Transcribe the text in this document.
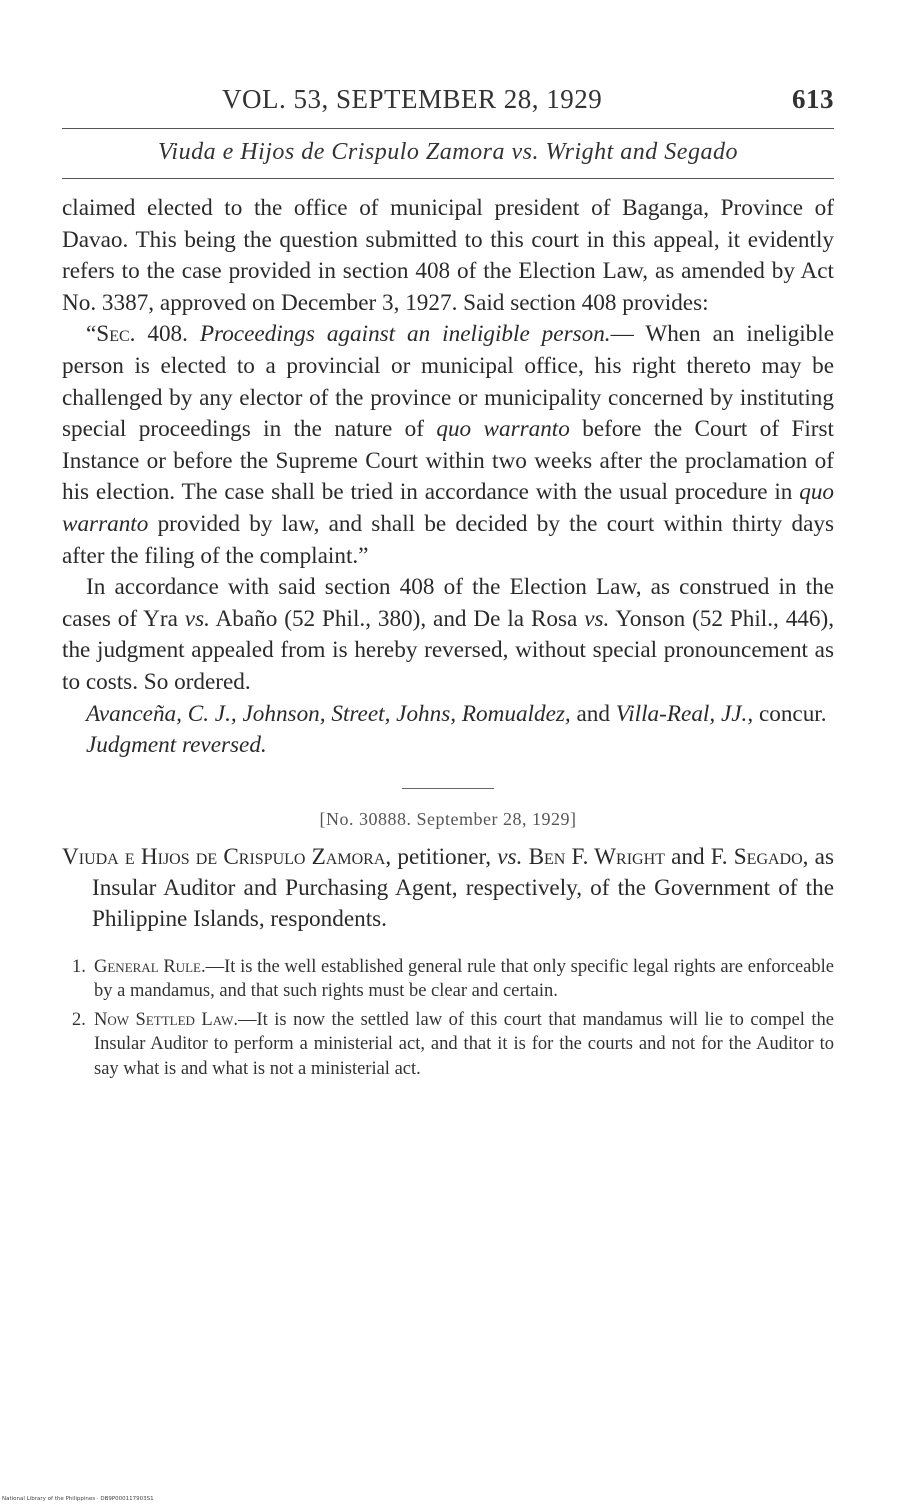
VOL. 53, SEPTEMBER 28, 1929	613
Viuda e Hijos de Crispulo Zamora vs. Wright and Segado

claimed elected to the office of municipal president of Baganga, Province of Davao. This being the question submitted to this court in this appeal, it evidently refers to the case provided in section 408 of the Election Law, as amended by Act No. 3387, approved on December 3, 1927. Said section 408 provides:

“Sec. 408. Proceedings against an ineligible person.— When an ineligible person is elected to a provincial or municipal office, his right thereto may be challenged by any elector of the province or municipality concerned by instituting special proceedings in the nature of quo warranto before the Court of First Instance or before the Supreme Court within two weeks after the proclamation of his election. The case shall be tried in accordance with the usual procedure in quo warranto provided by law, and shall be decided by the court within thirty days after the filing of the complaint.”

In accordance with said section 408 of the Election Law, as construed in the cases of Yra vs. Abaño (52 Phil., 380), and De la Rosa vs. Yonson (52 Phil., 446), the judgment appealed from is hereby reversed, without special pronouncement as to costs. So ordered.

Avanceña, C. J., Johnson, Street, Johns, Romualdez, and Villa-Real, JJ., concur.

Judgment reversed.

[No. 30888. September 28, 1929]
Viuda e Hijos de Crispulo Zamora, petitioner, vs. Ben F. Wright and F. Segado, as Insular Auditor and Purchasing Agent, respectively, of the Government of the Philippine Islands, respondents.
1. General Rule.—It is the well established general rule that only specific legal rights are enforceable by a mandamus, and that such rights must be clear and certain.
2. Now Settled Law.—It is now the settled law of this court that mandamus will lie to compel the Insular Auditor to perform a ministerial act, and that it is for the courts and not for the Auditor to say what is and what is not a ministerial act.
National Library of the Philippines · DB9P000117903S1
